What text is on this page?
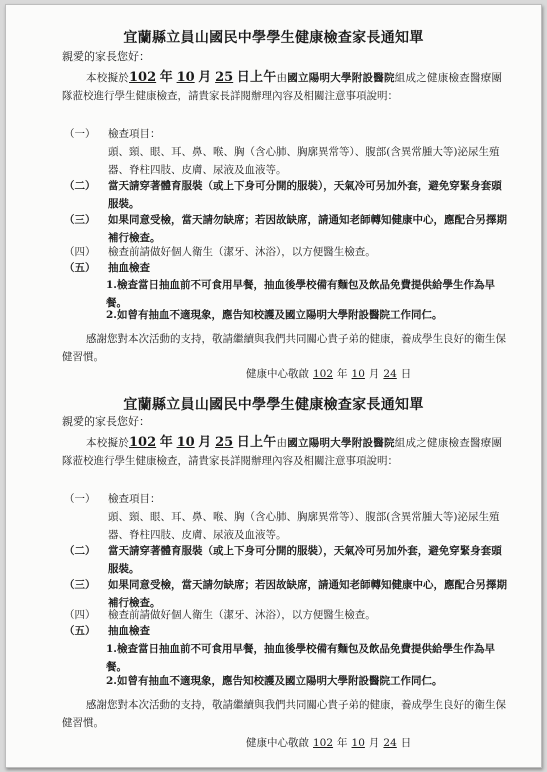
宜蘭縣立員山國民中學學生健康檢查家長通知單
親愛的家長您好：
本校擬於102 年 10 月 25 日上午由國立陽明大學附設醫院組成之健康檢查醫療團隊蒞校進行學生健康檢查，請貴家長詳閱辦理內容及相關注意事項說明：
（一） 檢查項目：
頭、頸、眼、耳、鼻、喉、胸（含心肺、胸廓異常等）、腹部(含異常腫大等)泌尿生殖器、脊柱四肢、皮膚、尿液及血液等。
（二） 當天請穿著體育服裝（或上下身可分開的服裝），天氣冷可另加外套，避免穿緊身套頭服裝。
（三） 如果同意受檢，當天請勿缺席；若因故缺席，請通知老師轉知健康中心，應配合另擇期補行檢查。
（四） 檢查前請做好個人衛生（潔牙、沐浴），以方便醫生檢查。
（五） 抽血檢查
1.檢查當日抽血前不可食用早餐，抽血後學校備有麵包及飲品免費提供給學生作為早餐。
2.如曾有抽血不適現象，應告知校護及國立陽明大學附設醫院工作同仁。
感謝您對本次活動的支持，敬請繼續與我們共同關心貴子弟的健康，養成學生良好的衛生保健習慣。
健康中心敬啟 102 年 10 月 24 日
宜蘭縣立員山國民中學學生健康檢查家長通知單
親愛的家長您好：
本校擬於102 年 10 月 25 日上午由國立陽明大學附設醫院組成之健康檢查醫療團隊蒞校進行學生健康檢查，請貴家長詳閱辦理內容及相關注意事項說明：
（一） 檢查項目：
頭、頸、眼、耳、鼻、喉、胸（含心肺、胸廓異常等）、腹部(含異常腫大等)泌尿生殖器、脊柱四肢、皮膚、尿液及血液等。
（二） 當天請穿著體育服裝（或上下身可分開的服裝），天氣冷可另加外套，避免穿緊身套頭服裝。
（三） 如果同意受檢，當天請勿缺席；若因故缺席，請通知老師轉知健康中心，應配合另擇期補行檢查。
（四） 檢查前請做好個人衛生（潔牙、沐浴），以方便醫生檢查。
（五） 抽血檢查
1.檢查當日抽血前不可食用早餐，抽血後學校備有麵包及飲品免費提供給學生作為早餐。
2.如曾有抽血不適現象，應告知校護及國立陽明大學附設醫院工作同仁。
感謝您對本次活動的支持，敬請繼續與我們共同關心貴子弟的健康，養成學生良好的衛生保健習慣。
健康中心敬啟 102 年 10 月 24 日
